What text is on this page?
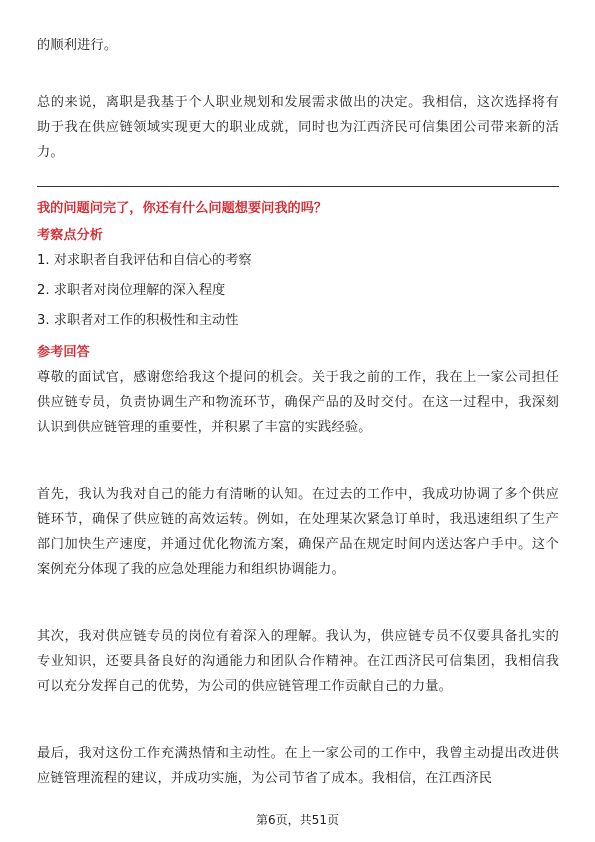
的顺利进行。

总的来说，离职是我基于个人职业规划和发展需求做出的决定。我相信，这次选择将有助于我在供应链领域实现更大的职业成就，同时也为江西济民可信集团公司带来新的活力。

我的问题问完了，你还有什么问题想要问我的吗？

考察点分析

1. 对求职者自我评估和自信心的考察

2. 求职者对岗位理解的深入程度

3. 求职者对工作的积极性和主动性

参考回答

尊敬的面试官，感谢您给我这个提问的机会。关于我之前的工作，我在上一家公司担任供应链专员，负责协调生产和物流环节，确保产品的及时交付。在这一过程中，我深刻认识到供应链管理的重要性，并积累了丰富的实践经验。

首先，我认为我对自己的能力有清晰的认知。在过去的工作中，我成功协调了多个供应链环节，确保了供应链的高效运转。例如，在处理某次紧急订单时，我迅速组织了生产部门加快生产速度，并通过优化物流方案，确保产品在规定时间内送达客户手中。这个案例充分体现了我的应急处理能力和组织协调能力。

其次，我对供应链专员的岗位有着深入的理解。我认为，供应链专员不仅要具备扎实的专业知识，还要具备良好的沟通能力和团队合作精神。在江西济民可信集团，我相信我可以充分发挥自己的优势，为公司的供应链管理工作贡献自己的力量。

最后，我对这份工作充满热情和主动性。在上一家公司的工作中，我曾主动提出改进供应链管理流程的建议，并成功实施，为公司节省了成本。我相信，在江西济民

第6页，共51页
